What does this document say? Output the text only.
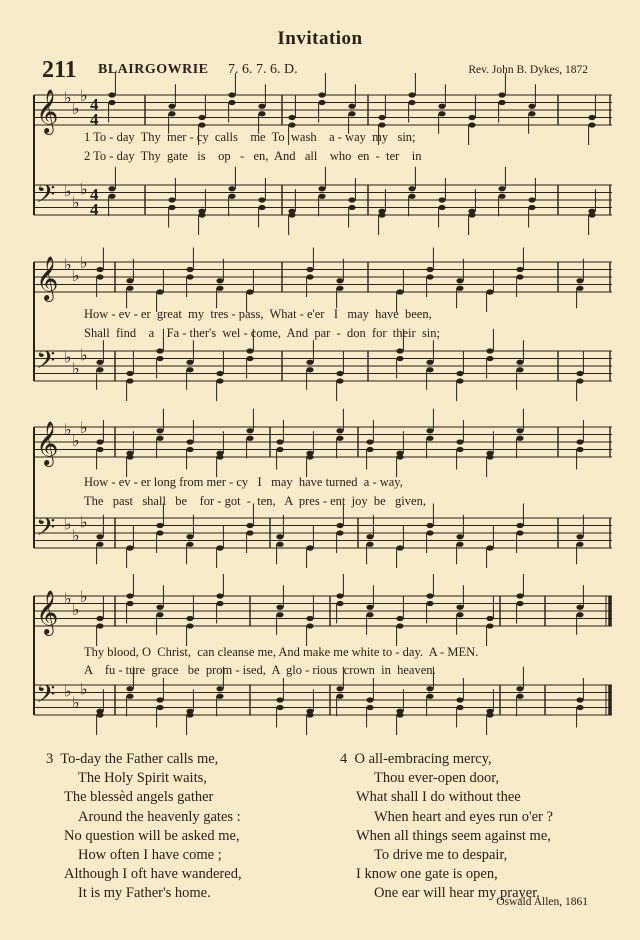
Invitation
211 BLAIRGOWRIE 7. 6. 7. 6. D.	Rev. John B. Dykes, 1872
𝄞 ♭
♭
♭ 4
4
𝄢 ♭
♭
♭ 4
4
𝄞 ♭
♭
♭
𝄢 ♭
♭
♭
𝄞 ♭
♭
♭
𝄢 ♭
♭
♭
𝄞 ♭
♭
♭
𝄢 ♭
♭
♭
1 To - day  Thy  mer - cy  calls    me  To  wash    a - way  my   sin;
2 To - day  Thy  gate   is    op   -   en,  And   all    who  en  -  ter    in
How - ev - er  great  my  tres - pass,  What - e'er   I   may  have  been,
Shall  find    a    Fa - ther's  wel - come,  And  par  -  don  for  their  sin;
How - ev - er long from mer - cy   I   may  have turned  a - way,
The   past   shall   be    for - got  -  ten,   A  pres - ent  joy  be   given,
Thy blood, O  Christ,  can cleanse me, And make me white to - day.  A - MEN.
A    fu - ture  grace   be  prom - ised,  A  glo - rious  crown  in  heaven.
3 To-day the Father calls me,
The Holy Spirit waits,
The blessèd angels gather
Around the heavenly gates :
No question will be asked me,
How often I have come ;
Although I oft have wandered,
It is my Father's home.
4 O all-embracing mercy,
Thou ever-open door,
What shall I do without thee
When heart and eyes run o'er ?
When all things seem against me,
To drive me to despair,
I know one gate is open,
One ear will hear my prayer.
Oswald Allen, 1861
